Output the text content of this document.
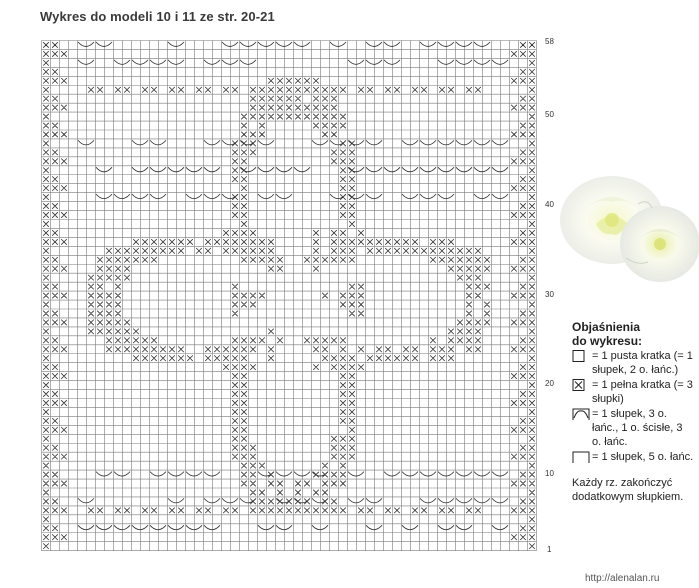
Wykres do modeli 10 i 11 ze str. 20-21
58
50
40
30
20
10
1
Objaśnienia
do wykresu:
= 1 pusta kratka (= 1 słupek, 2 o. łańc.)
= 1 pełna kratka (= 3 słupki)
= 1 słupek, 3 o. łańc., 1 o. ścisłe, 3 o. łańc.
= 1 słupek, 5 o. łańc.
Każdy rz. zakończyć dodatkowym słupkiem.
http://alenalan.ru
